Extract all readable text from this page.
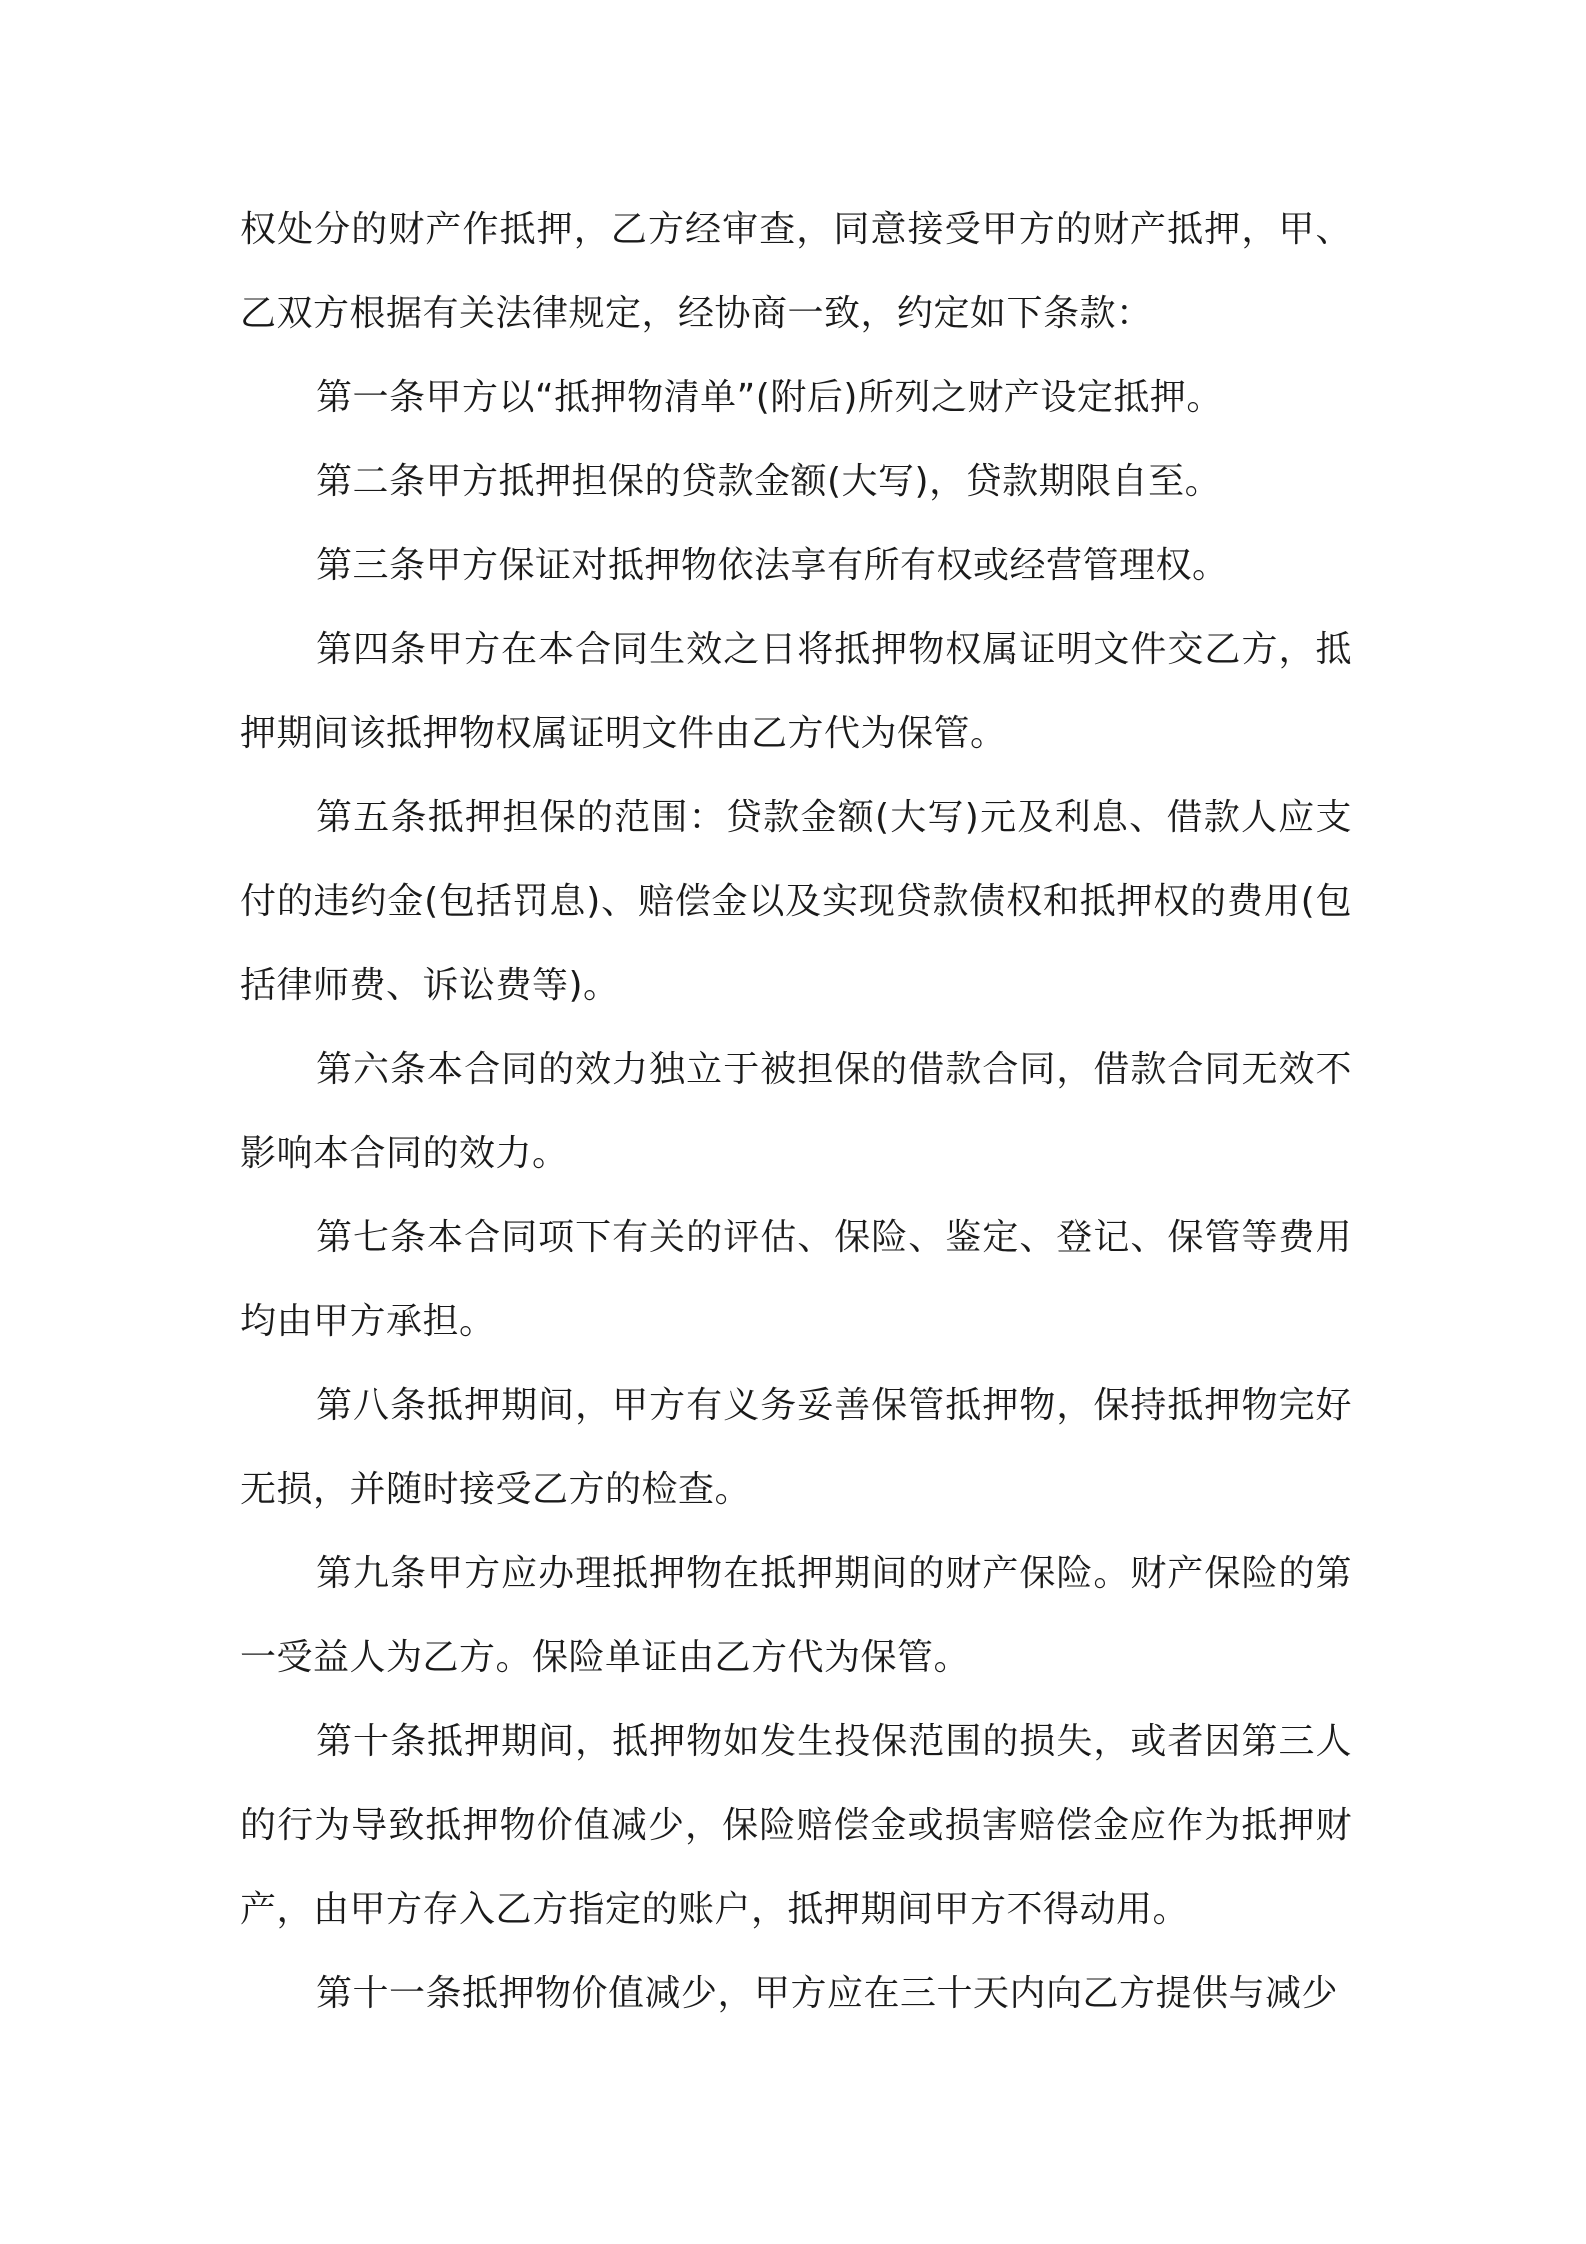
权处分的财产作抵押，乙方经审查，同意接受甲方的财产抵押，甲、乙双方根据有关法律规定，经协商一致，约定如下条款：

第一条甲方以“抵押物清单”(附后)所列之财产设定抵押。

第二条甲方抵押担保的贷款金额(大写)，贷款期限自至。

第三条甲方保证对抵押物依法享有所有权或经营管理权。

第四条甲方在本合同生效之日将抵押物权属证明文件交乙方，抵押期间该抵押物权属证明文件由乙方代为保管。

第五条抵押担保的范围：贷款金额(大写)元及利息、借款人应支付的违约金(包括罚息)、赔偿金以及实现贷款债权和抵押权的费用(包括律师费、诉讼费等)。

第六条本合同的效力独立于被担保的借款合同，借款合同无效不影响本合同的效力。

第七条本合同项下有关的评估、保险、鉴定、登记、保管等费用均由甲方承担。

第八条抵押期间，甲方有义务妥善保管抵押物，保持抵押物完好无损，并随时接受乙方的检查。

第九条甲方应办理抵押物在抵押期间的财产保险。财产保险的第一受益人为乙方。保险单证由乙方代为保管。

第十条抵押期间，抵押物如发生投保范围的损失，或者因第三人的行为导致抵押物价值减少，保险赔偿金或损害赔偿金应作为抵押财产，由甲方存入乙方指定的账户，抵押期间甲方不得动用。

第十一条抵押物价值减少，甲方应在三十天内向乙方提供与减少
